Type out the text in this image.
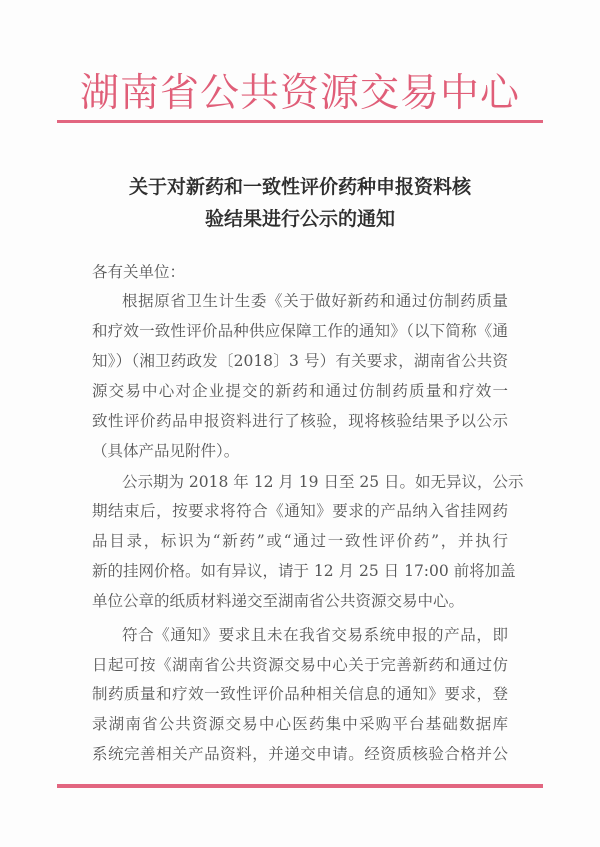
湖南省公共资源交易中心
关于对新药和一致性评价药种申报资料核
验结果进行公示的通知
各有关单位：
根据原省卫生计生委《关于做好新药和通过仿制药质量
和疗效一致性评价品种供应保障工作的通知》（以下简称《通
知》）（湘卫药政发〔2018〕3 号）有关要求，湖南省公共资
源交易中心对企业提交的新药和通过仿制药质量和疗效一
致性评价药品申报资料进行了核验，现将核验结果予以公示
（具体产品见附件）。
公示期为 2018 年 12 月 19 日至 25 日。如无异议，公示
期结束后，按要求将符合《通知》要求的产品纳入省挂网药
品目录，标识为“新药”或“通过一致性评价药”，并执行
新的挂网价格。如有异议，请于 12 月 25 日 17:00 前将加盖
单位公章的纸质材料递交至湖南省公共资源交易中心。
符合《通知》要求且未在我省交易系统申报的产品，即
日起可按《湖南省公共资源交易中心关于完善新药和通过仿
制药质量和疗效一致性评价品种相关信息的通知》要求，登
录湖南省公共资源交易中心医药集中采购平台基础数据库
系统完善相关产品资料，并递交申请。经资质核验合格并公
